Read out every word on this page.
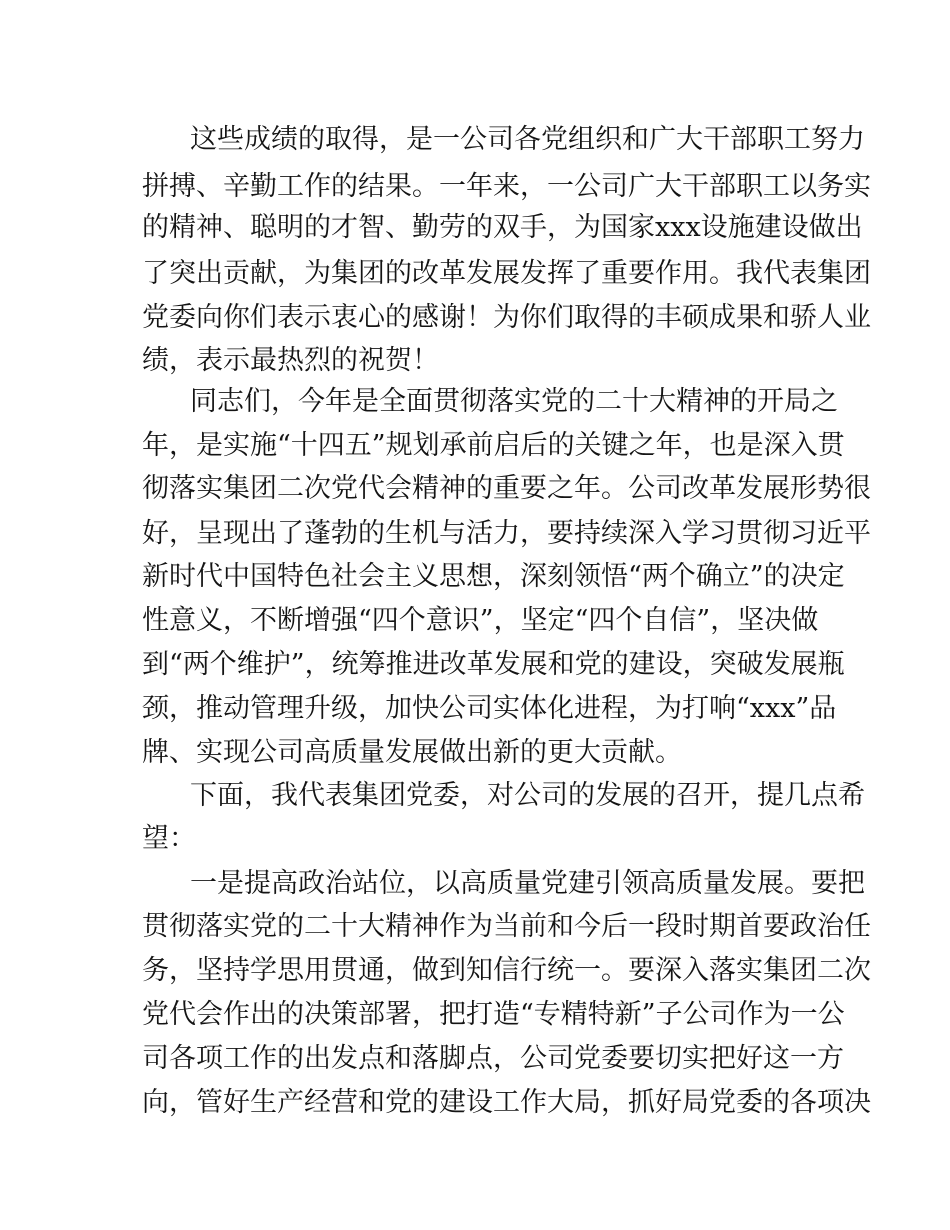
这些成绩的取得，是一公司各党组织和广大干部职工努力
拼搏、辛勤工作的结果。一年来，一公司广大干部职工以务实
的精神、聪明的才智、勤劳的双手，为国家xxx设施建设做出
了突出贡献，为集团的改革发展发挥了重要作用。我代表集团
党委向你们表示衷心的感谢！为你们取得的丰硕成果和骄人业
绩，表示最热烈的祝贺！
同志们，今年是全面贯彻落实党的二十大精神的开局之
年，是实施“十四五”规划承前启后的关键之年，也是深入贯
彻落实集团二次党代会精神的重要之年。公司改革发展形势很
好，呈现出了蓬勃的生机与活力，要持续深入学习贯彻习近平
新时代中国特色社会主义思想，深刻领悟“两个确立”的决定
性意义，不断增强“四个意识”，坚定“四个自信”，坚决做
到“两个维护”，统筹推进改革发展和党的建设，突破发展瓶
颈，推动管理升级，加快公司实体化进程，为打响“xxx”品
牌、实现公司高质量发展做出新的更大贡献。
下面，我代表集团党委，对公司的发展的召开，提几点希
望：
一是提高政治站位，以高质量党建引领高质量发展。要把
贯彻落实党的二十大精神作为当前和今后一段时期首要政治任
务，坚持学思用贯通，做到知信行统一。要深入落实集团二次
党代会作出的决策部署，把打造“专精特新”子公司作为一公
司各项工作的出发点和落脚点，公司党委要切实把好这一方
向，管好生产经营和党的建设工作大局，抓好局党委的各项决
